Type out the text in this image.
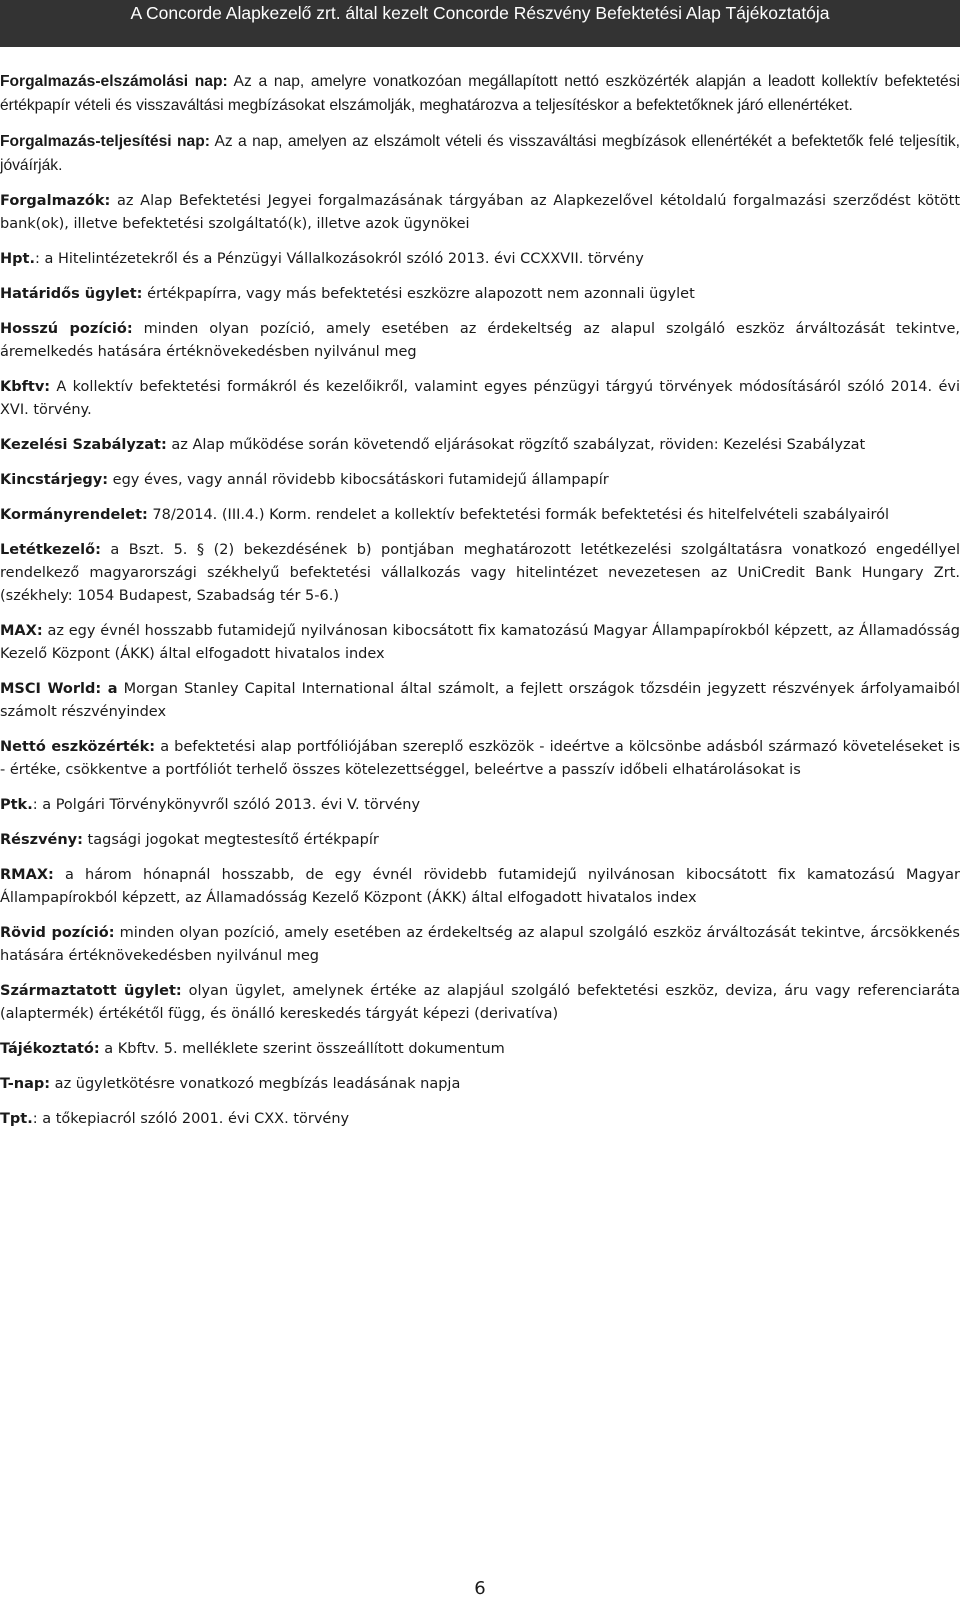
A Concorde Alapkezelő zrt. által kezelt Concorde Részvény Befektetési Alap Tájékoztatója

Forgalmazás-elszámolási nap: Az a nap, amelyre vonatkozóan megállapított nettó eszközérték alapján a leadott kollektív befektetési értékpapír vételi és visszaváltási megbízásokat elszámolják, meghatározva a teljesítéskor a befektetőknek járó ellenértéket.

Forgalmazás-teljesítési nap: Az a nap, amelyen az elszámolt vételi és visszaváltási megbízások ellenértékét a befektetők felé teljesítik, jóváírják.

Forgalmazók: az Alap Befektetési Jegyei forgalmazásának tárgyában az Alapkezelővel kétoldalú forgalmazási szerződést kötött bank(ok), illetve befektetési szolgáltató(k), illetve azok ügynökei

Hpt.: a Hitelintézetekről és a Pénzügyi Vállalkozásokról szóló 2013. évi CCXXVII. törvény

Határidős ügylet: értékpapírra, vagy más befektetési eszközre alapozott nem azonnali ügylet

Hosszú pozíció: minden olyan pozíció, amely esetében az érdekeltség az alapul szolgáló eszköz árváltozását tekintve, áremelkedés hatására értéknövekedésben nyilvánul meg

Kbftv: A kollektív befektetési formákról és kezelőikről, valamint egyes pénzügyi tárgyú törvények módosításáról szóló 2014. évi XVI. törvény.

Kezelési Szabályzat: az Alap működése során követendő eljárásokat rögzítő szabályzat, röviden: Kezelési Szabályzat

Kincstárjegy: egy éves, vagy annál rövidebb kibocsátáskori futamidejű állampapír

Kormányrendelet: 78/2014. (III.4.) Korm. rendelet a kollektív befektetési formák befektetési és hitelfelvételi szabályairól

Letétkezelő: a Bszt. 5. § (2) bekezdésének b) pontjában meghatározott letétkezelési szolgáltatásra vonatkozó engedéllyel rendelkező magyarországi székhelyű befektetési vállalkozás vagy hitelintézet nevezetesen az UniCredit Bank Hungary Zrt. (székhely: 1054 Budapest, Szabadság tér 5-6.)

MAX: az egy évnél hosszabb futamidejű nyilvánosan kibocsátott fix kamatozású Magyar Állampapírokból képzett, az Államadósság Kezelő Központ (ÁKK) által elfogadott hivatalos index

MSCI World: a Morgan Stanley Capital International által számolt, a fejlett országok tőzsdéin jegyzett részvények árfolyamaiból számolt részvényindex

Nettó eszközérték: a befektetési alap portfóliójában szereplő eszközök - ideértve a kölcsönbe adásból származó követeléseket is - értéke, csökkentve a portfóliót terhelő összes kötelezettséggel, beleértve a passzív időbeli elhatárolásokat is

Ptk.: a Polgári Törvénykönyvről szóló 2013. évi V. törvény

Részvény: tagsági jogokat megtestesítő értékpapír

RMAX: a három hónapnál hosszabb, de egy évnél rövidebb futamidejű nyilvánosan kibocsátott fix kamatozású Magyar Állampapírokból képzett, az Államadósság Kezelő Központ (ÁKK) által elfogadott hivatalos index

Rövid pozíció: minden olyan pozíció, amely esetében az érdekeltség az alapul szolgáló eszköz árváltozását tekintve, árcsökkenés hatására értéknövekedésben nyilvánul meg

Származtatott ügylet: olyan ügylet, amelynek értéke az alapjául szolgáló befektetési eszköz, deviza, áru vagy referenciaráta (alaptermék) értékétől függ, és önálló kereskedés tárgyát képezi (derivatíva)

Tájékoztató: a Kbftv. 5. melléklete szerint összeállított dokumentum

T-nap: az ügyletkötésre vonatkozó megbízás leadásának napja

Tpt.: a tőkepiacról szóló 2001. évi CXX. törvény

6
